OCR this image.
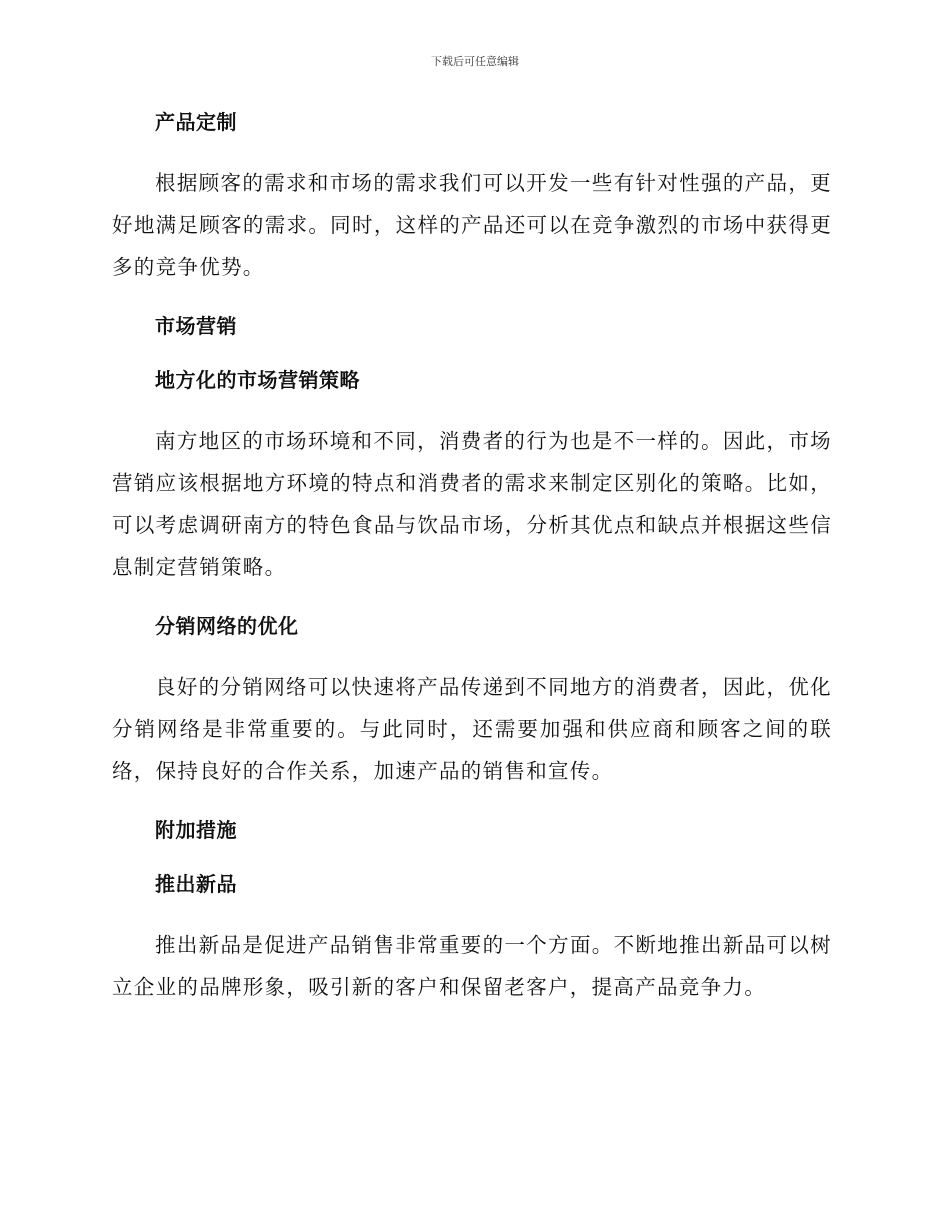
下载后可任意编辑
产品定制

根据顾客的需求和市场的需求我们可以开发一些有针对性强的产品，更好地满足顾客的需求。同时，这样的产品还可以在竞争激烈的市场中获得更多的竞争优势。

市场营销
地方化的市场营销策略

南方地区的市场环境和不同，消费者的行为也是不一样的。因此，市场营销应该根据地方环境的特点和消费者的需求来制定区别化的策略。比如，可以考虑调研南方的特色食品与饮品市场，分析其优点和缺点并根据这些信息制定营销策略。

分销网络的优化

良好的分销网络可以快速将产品传递到不同地方的消费者，因此，优化分销网络是非常重要的。与此同时，还需要加强和供应商和顾客之间的联络，保持良好的合作关系，加速产品的销售和宣传。

附加措施
推出新品

推出新品是促进产品销售非常重要的一个方面。不断地推出新品可以树立企业的品牌形象，吸引新的客户和保留老客户，提高产品竞争力。
